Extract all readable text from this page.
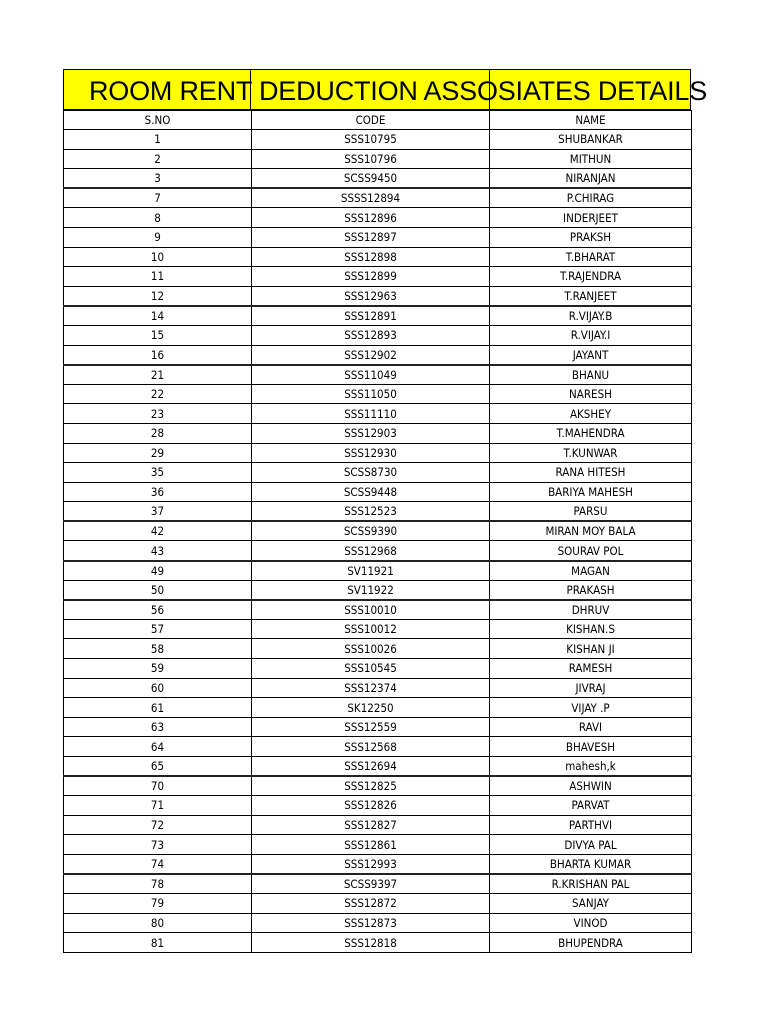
ROOM RENT DEDUCTION ASSOSIATES DETAILS
S.NO	CODE	NAME
1	SSS10795	SHUBANKAR
2	SSS10796	MITHUN
3	SCSS9450	NIRANJAN
7	SSSS12894	P.CHIRAG
8	SSS12896	INDERJEET
9	SSS12897	PRAKSH
10	SSS12898	T.BHARAT
11	SSS12899	T.RAJENDRA
12	SSS12963	T.RANJEET
14	SSS12891	R.VIJAY.B
15	SSS12893	R.VIJAY.I
16	SSS12902	JAYANT
21	SSS11049	BHANU
22	SSS11050	NARESH
23	SSS11110	AKSHEY
28	SSS12903	T.MAHENDRA
29	SSS12930	T.KUNWAR
35	SCSS8730	RANA HITESH
36	SCSS9448	BARIYA MAHESH
37	SSS12523	PARSU
42	SCSS9390	MIRAN MOY BALA
43	SSS12968	SOURAV POL
49	SV11921	MAGAN
50	SV11922	PRAKASH
56	SSS10010	DHRUV
57	SSS10012	KISHAN.S
58	SSS10026	KISHAN JI
59	SSS10545	RAMESH
60	SSS12374	JIVRAJ
61	SK12250	VIJAY .P
63	SSS12559	RAVI
64	SSS12568	BHAVESH
65	SSS12694	mahesh,k
70	SSS12825	ASHWIN
71	SSS12826	PARVAT
72	SSS12827	PARTHVI
73	SSS12861	DIVYA PAL
74	SSS12993	BHARTA KUMAR
78	SCSS9397	R.KRISHAN PAL
79	SSS12872	SANJAY
80	SSS12873	VINOD
81	SSS12818	BHUPENDRA
